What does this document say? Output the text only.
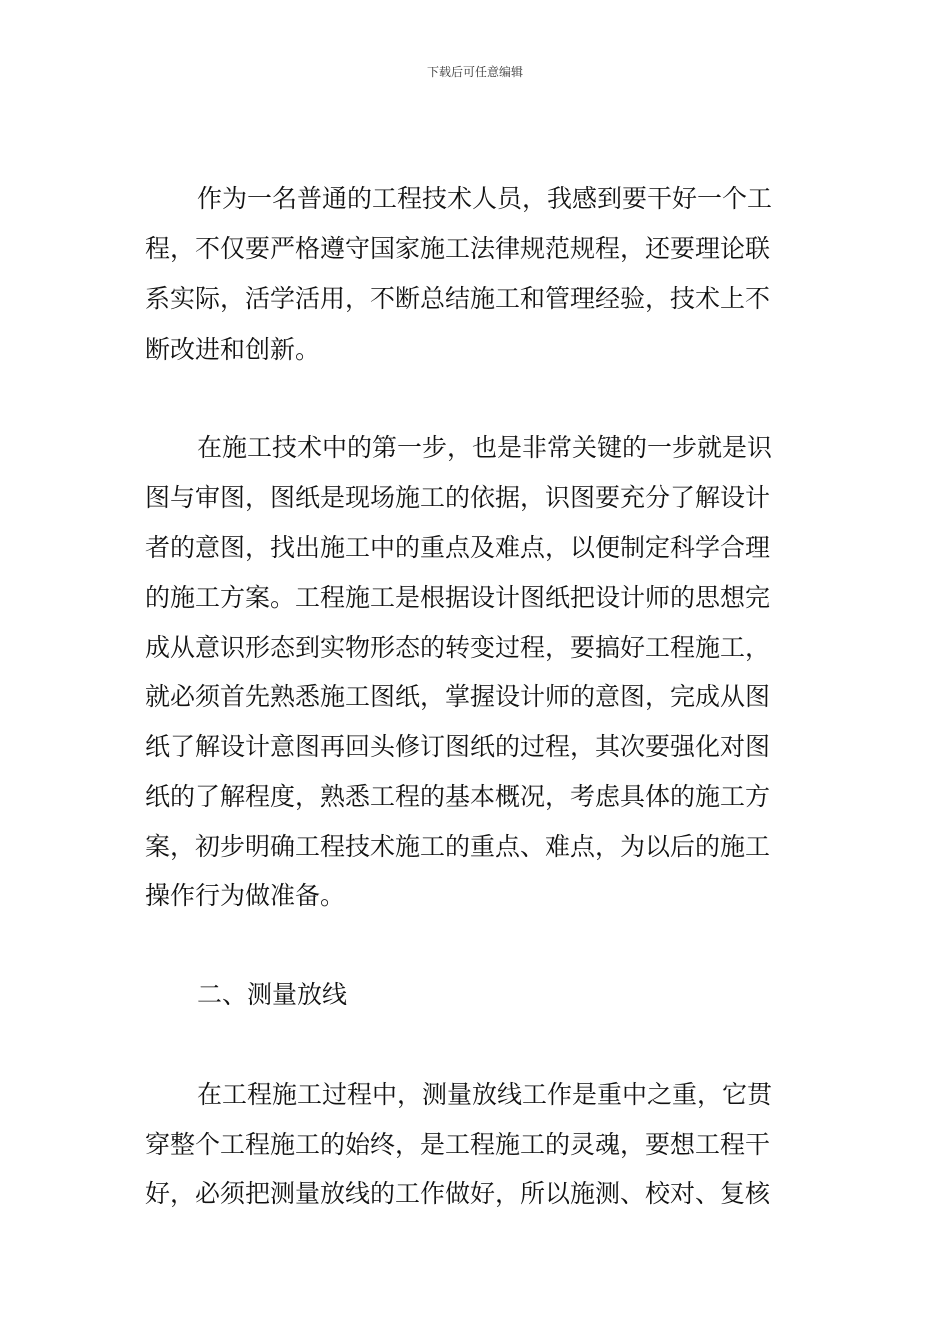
下载后可任意编辑
作为一名普通的工程技术人员，我感到要干好一个工
程，不仅要严格遵守国家施工法律规范规程，还要理论联
系实际，活学活用，不断总结施工和管理经验，技术上不
断改进和创新。
在施工技术中的第一步，也是非常关键的一步就是识
图与审图，图纸是现场施工的依据，识图要充分了解设计
者的意图，找出施工中的重点及难点，以便制定科学合理
的施工方案。工程施工是根据设计图纸把设计师的思想完
成从意识形态到实物形态的转变过程，要搞好工程施工，
就必须首先熟悉施工图纸，掌握设计师的意图，完成从图
纸了解设计意图再回头修订图纸的过程，其次要强化对图
纸的了解程度，熟悉工程的基本概况，考虑具体的施工方
案，初步明确工程技术施工的重点、难点，为以后的施工
操作行为做准备。
二、测量放线
在工程施工过程中，测量放线工作是重中之重，它贯
穿整个工程施工的始终，是工程施工的灵魂，要想工程干
好，必须把测量放线的工作做好，所以施测、校对、复核
